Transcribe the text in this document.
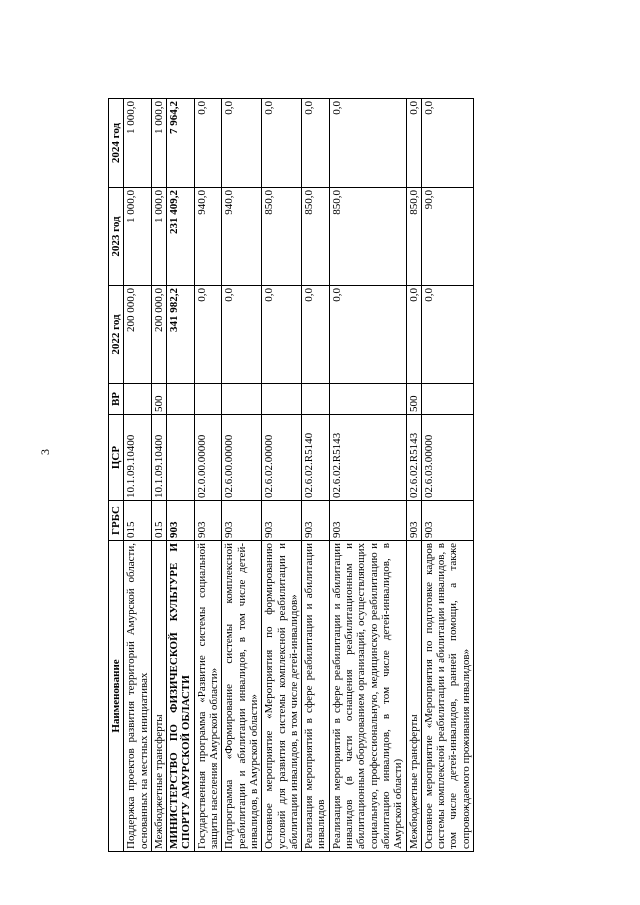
3
Наименование	ГРБС	ЦСР	ВР	2022 год	2023 год	2024 год
Поддержка проектов развития территорий Амурской области, основанных на местных инициативах	015	10.1.09.10400		200 000,0	1 000,0	1 000,0
Межбюджетные трансферты	015	10.1.09.10400	500	200 000,0	1 000,0	1 000,0
МИНИСТЕРСТВО ПО ФИЗИЧЕСКОЙ КУЛЬТУРЕ И СПОРТУ АМУРСКОЙ ОБЛАСТИ	903			341 982,2	231 409,2	7 964,2
Государственная программа «Развитие системы социальной защиты населения Амурской области»	903	02.0.00.00000		0,0	940,0	0,0
Подпрограмма «Формирование системы комплексной реабилитации и абилитации инвалидов, в том числе детей-инвалидов, в Амурской области»	903	02.6.00.00000		0,0	940,0	0,0
Основное мероприятие «Мероприятия по формированию условий для развития системы комплексной реабилитации и абилитации инвалидов, в том числе детей-инвалидов»	903	02.6.02.00000		0,0	850,0	0,0
Реализация мероприятий в сфере реабилитации и абилитации инвалидов	903	02.6.02.R5140		0,0	850,0	0,0
Реализация мероприятий в сфере реабилитации и абилитации инвалидов (в части оснащения реабилитационным и абилитационным оборудованием организаций, осуществляющих социальную, профессиональную, медицинскую реабилитацию и абилитацию инвалидов, в том числе детей-инвалидов, в Амурской области)	903	02.6.02.R5143		0,0	850,0	0,0
Межбюджетные трансферты	903	02.6.02.R5143	500	0,0	850,0	0,0
Основное мероприятие «Мероприятия по подготовке кадров системы комплексной реабилитации и абилитации инвалидов, в том числе детей-инвалидов, ранней помощи, а также сопровождаемого проживания инвалидов»	903	02.6.03.00000		0,0	90,0	0,0
